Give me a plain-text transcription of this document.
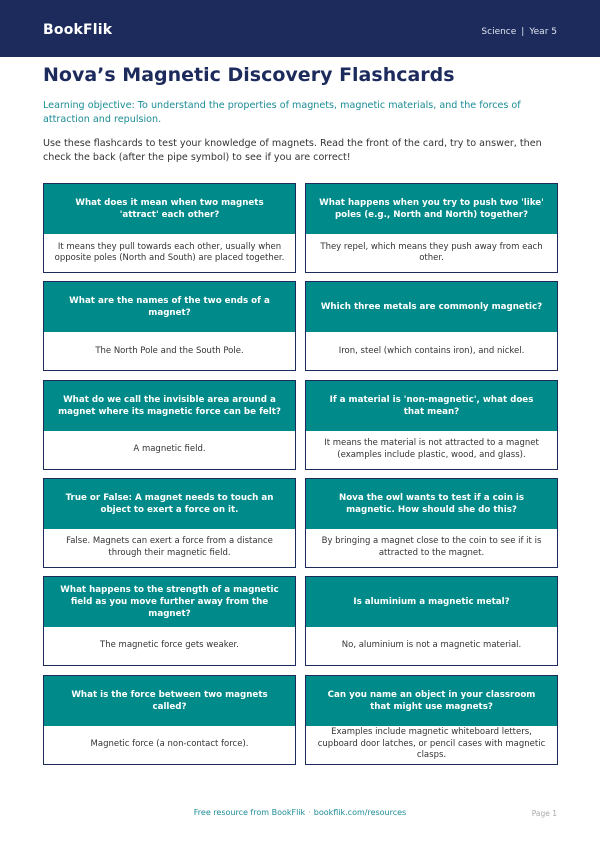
BookFlik	Science | Year 5
Nova’s Magnetic Discovery Flashcards
Learning objective: To understand the properties of magnets, magnetic materials, and the forces of attraction and repulsion.
Use these flashcards to test your knowledge of magnets. Read the front of the card, try to answer, then check the back (after the pipe symbol) to see if you are correct!
What does it mean when two magnets 'attract' each other?
It means they pull towards each other, usually when opposite poles (North and South) are placed together.
What happens when you try to push two 'like' poles (e.g., North and North) together?
They repel, which means they push away from each other.
What are the names of the two ends of a magnet?
The North Pole and the South Pole.
Which three metals are commonly magnetic?
Iron, steel (which contains iron), and nickel.
What do we call the invisible area around a magnet where its magnetic force can be felt?
A magnetic field.
If a material is 'non-magnetic', what does that mean?
It means the material is not attracted to a magnet (examples include plastic, wood, and glass).
True or False: A magnet needs to touch an object to exert a force on it.
False. Magnets can exert a force from a distance through their magnetic field.
Nova the owl wants to test if a coin is magnetic. How should she do this?
By bringing a magnet close to the coin to see if it is attracted to the magnet.
What happens to the strength of a magnetic field as you move further away from the magnet?
The magnetic force gets weaker.
Is aluminium a magnetic metal?
No, aluminium is not a magnetic material.
What is the force between two magnets called?
Magnetic force (a non-contact force).
Can you name an object in your classroom that might use magnets?
Examples include magnetic whiteboard letters, cupboard door latches, or pencil cases with magnetic clasps.
Free resource from BookFlik · bookflik.com/resources	Page 1
